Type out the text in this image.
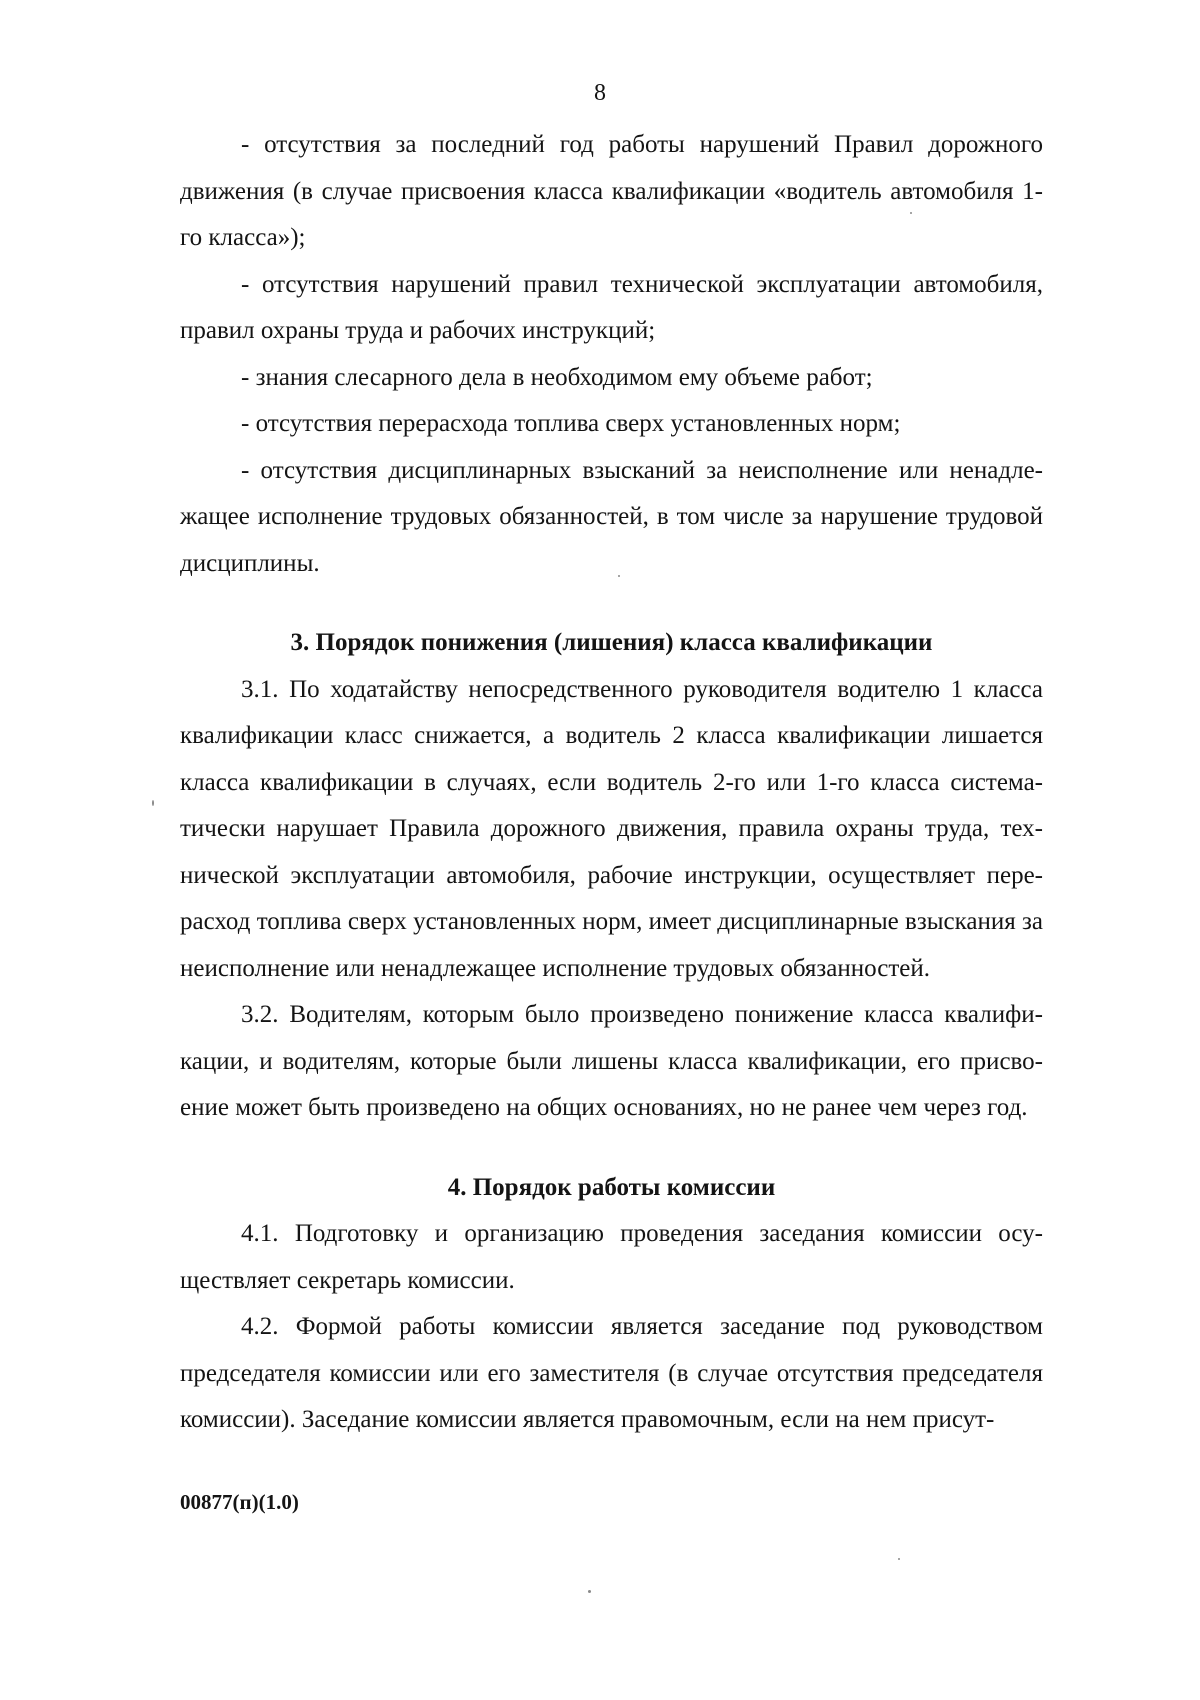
8

- отсутствия за последний год работы нарушений Правил дорожного движения (в случае присвоения класса квалификации «водитель автомобиля 1-го класса»);

- отсутствия нарушений правил технической эксплуатации автомобиля, правил охраны труда и рабочих инструкций;

- знания слесарного дела в необходимом ему объеме работ;

- отсутствия перерасхода топлива сверх установленных норм;

- отсутствия дисциплинарных взысканий за неисполнение или ненадлежащее исполнение трудовых обязанностей, в том числе за нарушение трудовой дисциплины.

3. Порядок понижения (лишения) класса квалификации

3.1. По ходатайству непосредственного руководителя водителю 1 класса квалификации класс снижается, а водитель 2 класса квалификации лишается класса квалификации в случаях, если водитель 2-го или 1-го класса систематически нарушает Правила дорожного движения, правила охраны труда, технической эксплуатации автомобиля, рабочие инструкции, осуществляет перерасход топлива сверх установленных норм, имеет дисциплинарные взыскания за неисполнение или ненадлежащее исполнение трудовых обязанностей.

3.2. Водителям, которым было произведено понижение класса квалификации, и водителям, которые были лишены класса квалификации, его присвоение может быть произведено на общих основаниях, но не ранее чем через год.

4. Порядок работы комиссии

4.1. Подготовку и организацию проведения заседания комиссии осуществляет секретарь комиссии.

4.2. Формой работы комиссии является заседание под руководством председателя комиссии или его заместителя (в случае отсутствия председателя комиссии). Заседание комиссии является правомочным, если на нем присут-

00877(п)(1.0)
